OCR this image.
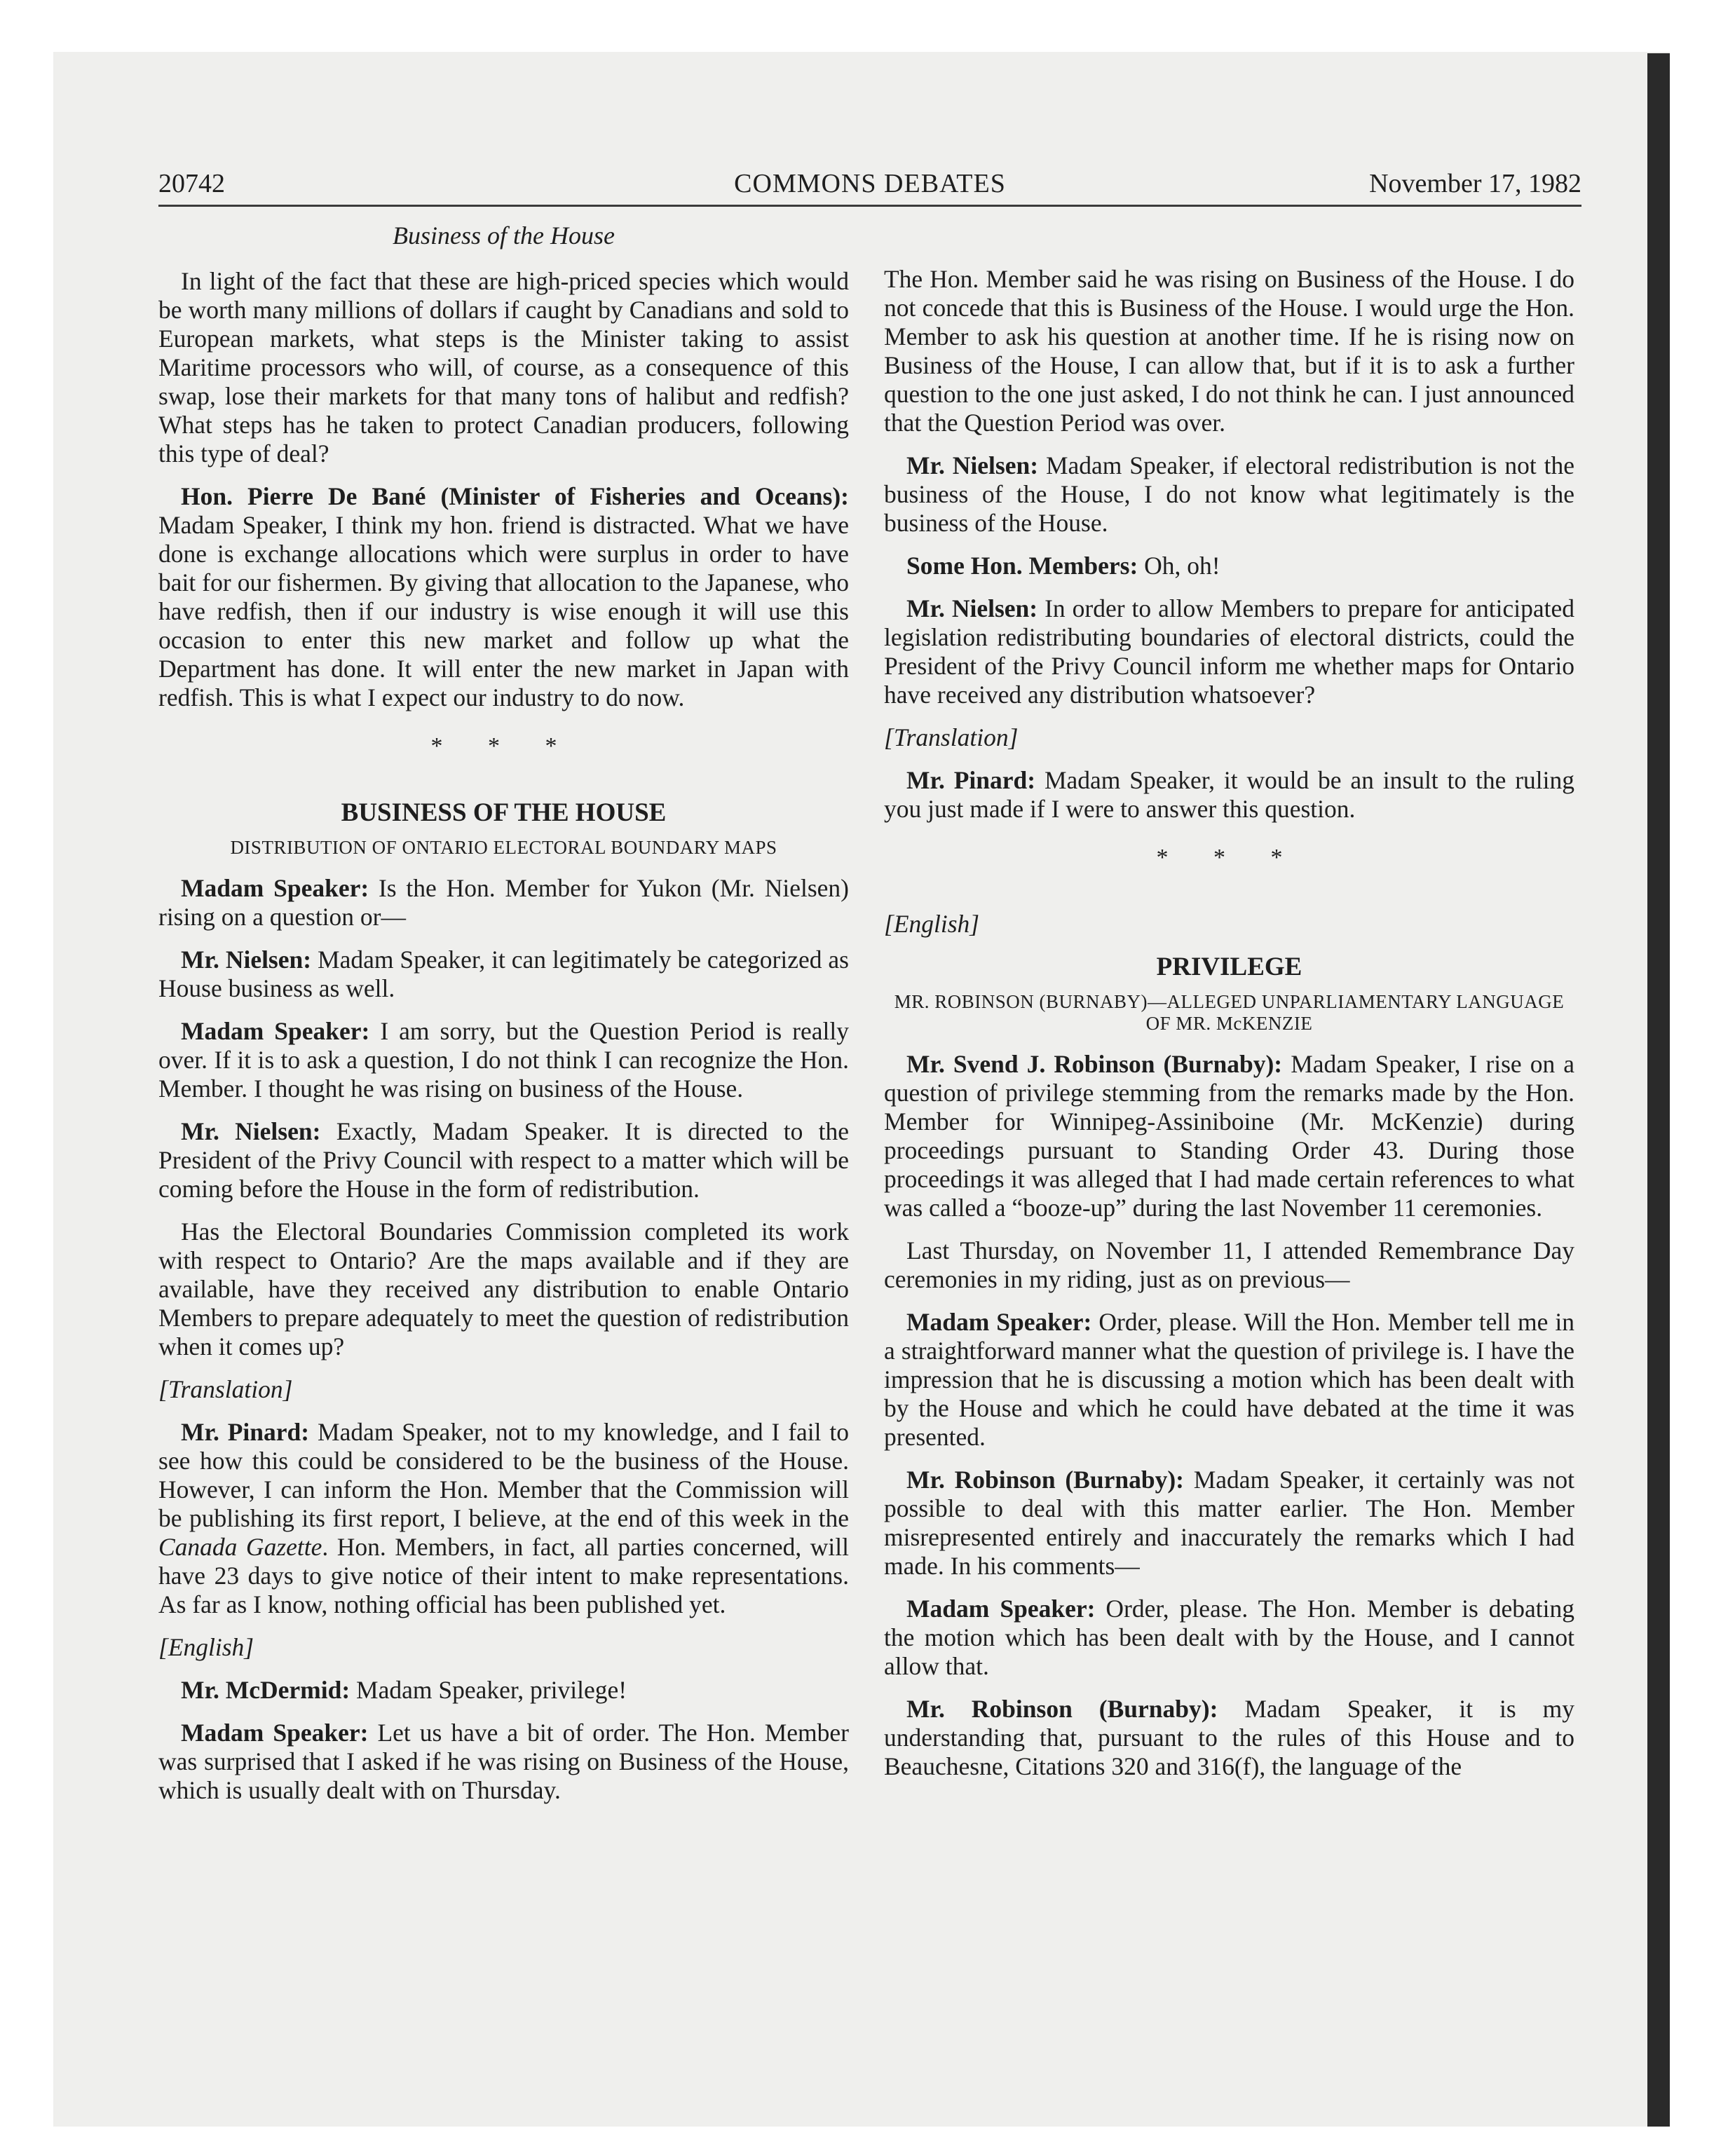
20742	COMMONS DEBATES	November 17, 1982
Business of the House

In light of the fact that these are high-priced species which would be worth many millions of dollars if caught by Canadians and sold to European markets, what steps is the Minister taking to assist Maritime processors who will, of course, as a consequence of this swap, lose their markets for that many tons of halibut and redfish? What steps has he taken to protect Canadian producers, following this type of deal?

Hon. Pierre De Bané (Minister of Fisheries and Oceans): Madam Speaker, I think my hon. friend is distracted. What we have done is exchange allocations which were surplus in order to have bait for our fishermen. By giving that allocation to the Japanese, who have redfish, then if our industry is wise enough it will use this occasion to enter this new market and follow up what the Department has done. It will enter the new market in Japan with redfish. This is what I expect our industry to do now.

* * *
BUSINESS OF THE HOUSE
DISTRIBUTION OF ONTARIO ELECTORAL BOUNDARY MAPS

Madam Speaker: Is the Hon. Member for Yukon (Mr. Nielsen) rising on a question or—

Mr. Nielsen: Madam Speaker, it can legitimately be categorized as House business as well.

Madam Speaker: I am sorry, but the Question Period is really over. If it is to ask a question, I do not think I can recognize the Hon. Member. I thought he was rising on business of the House.

Mr. Nielsen: Exactly, Madam Speaker. It is directed to the President of the Privy Council with respect to a matter which will be coming before the House in the form of redistribution.

Has the Electoral Boundaries Commission completed its work with respect to Ontario? Are the maps available and if they are available, have they received any distribution to enable Ontario Members to prepare adequately to meet the question of redistribution when it comes up?

[Translation]

Mr. Pinard: Madam Speaker, not to my knowledge, and I fail to see how this could be considered to be the business of the House. However, I can inform the Hon. Member that the Commission will be publishing its first report, I believe, at the end of this week in the Canada Gazette. Hon. Members, in fact, all parties concerned, will have 23 days to give notice of their intent to make representations. As far as I know, nothing official has been published yet.

[English]

Mr. McDermid: Madam Speaker, privilege!

Madam Speaker: Let us have a bit of order. The Hon. Member was surprised that I asked if he was rising on Business of the House, which is usually dealt with on Thursday.

The Hon. Member said he was rising on Business of the House. I do not concede that this is Business of the House. I would urge the Hon. Member to ask his question at another time. If he is rising now on Business of the House, I can allow that, but if it is to ask a further question to the one just asked, I do not think he can. I just announced that the Question Period was over.

Mr. Nielsen: Madam Speaker, if electoral redistribution is not the business of the House, I do not know what legitimately is the business of the House.

Some Hon. Members: Oh, oh!

Mr. Nielsen: In order to allow Members to prepare for anticipated legislation redistributing boundaries of electoral districts, could the President of the Privy Council inform me whether maps for Ontario have received any distribution whatsoever?

[Translation]

Mr. Pinard: Madam Speaker, it would be an insult to the ruling you just made if I were to answer this question.

* * *

[English]

PRIVILEGE
MR. ROBINSON (BURNABY)—ALLEGED UNPARLIAMENTARY LANGUAGE OF MR. McKENZIE

Mr. Svend J. Robinson (Burnaby): Madam Speaker, I rise on a question of privilege stemming from the remarks made by the Hon. Member for Winnipeg-Assiniboine (Mr. McKenzie) during proceedings pursuant to Standing Order 43. During those proceedings it was alleged that I had made certain references to what was called a “booze-up” during the last November 11 ceremonies.

Last Thursday, on November 11, I attended Remembrance Day ceremonies in my riding, just as on previous—

Madam Speaker: Order, please. Will the Hon. Member tell me in a straightforward manner what the question of privilege is. I have the impression that he is discussing a motion which has been dealt with by the House and which he could have debated at the time it was presented.

Mr. Robinson (Burnaby): Madam Speaker, it certainly was not possible to deal with this matter earlier. The Hon. Member misrepresented entirely and inaccurately the remarks which I had made. In his comments—

Madam Speaker: Order, please. The Hon. Member is debating the motion which has been dealt with by the House, and I cannot allow that.

Mr. Robinson (Burnaby): Madam Speaker, it is my understanding that, pursuant to the rules of this House and to Beauchesne, Citations 320 and 316(f), the language of the
